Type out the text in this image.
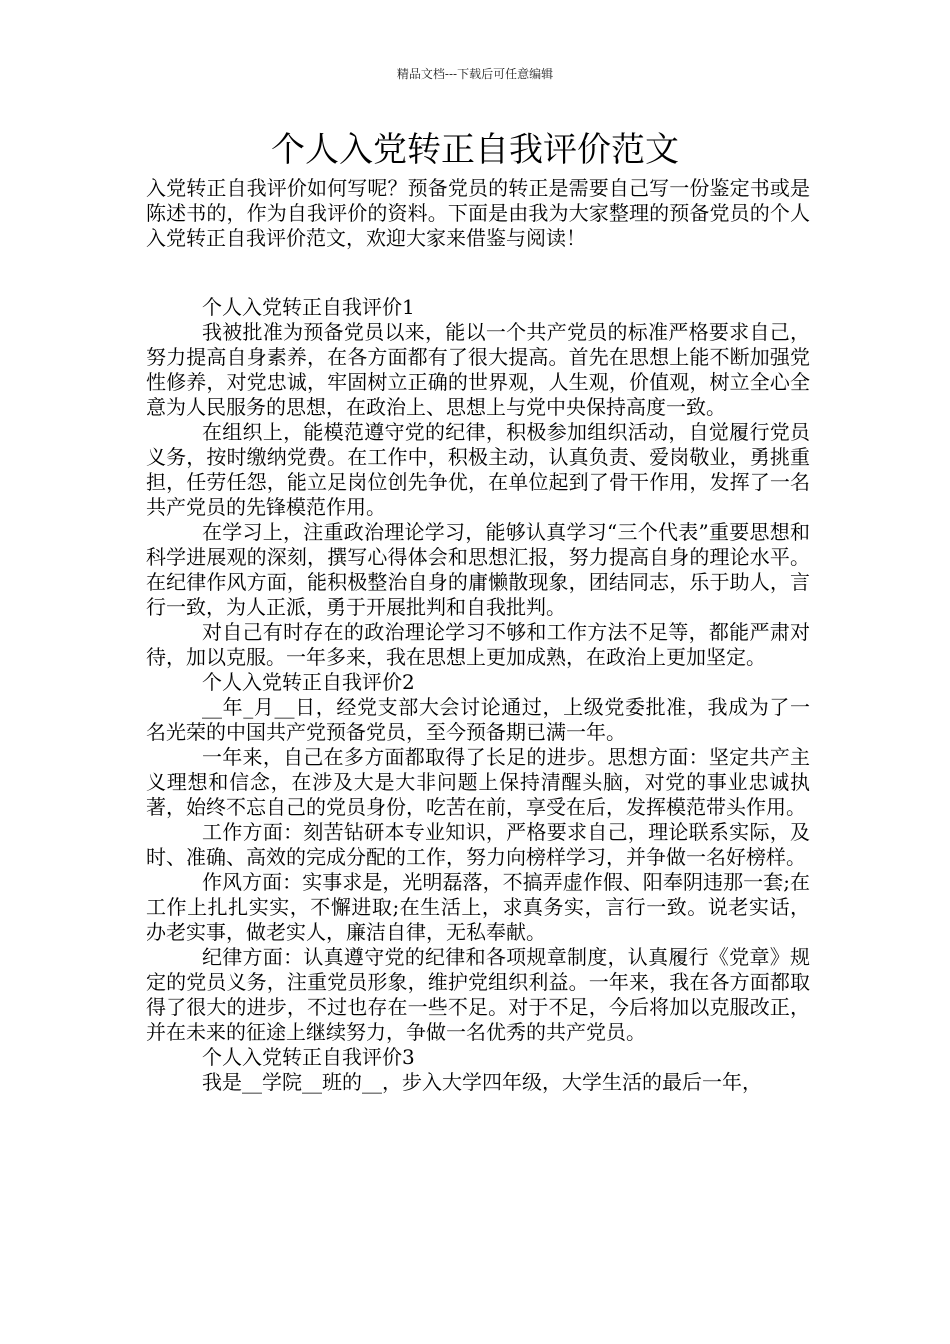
精品文档---下载后可任意编辑
个人入党转正自我评价范文

入党转正自我评价如何写呢？预备党员的转正是需要自己写一份鉴定书或是陈述书的，作为自我评价的资料。下面是由我为大家整理的预备党员的个人入党转正自我评价范文，欢迎大家来借鉴与阅读！

个人入党转正自我评价1

我被批准为预备党员以来，能以一个共产党员的标准严格要求自己，努力提高自身素养，在各方面都有了很大提高。首先在思想上能不断加强党性修养，对党忠诚，牢固树立正确的世界观，人生观，价值观，树立全心全意为人民服务的思想，在政治上、思想上与党中央保持高度一致。

在组织上，能模范遵守党的纪律，积极参加组织活动，自觉履行党员义务，按时缴纳党费。在工作中，积极主动，认真负责、爱岗敬业，勇挑重担，任劳任怨，能立足岗位创先争优，在单位起到了骨干作用，发挥了一名共产党员的先锋模范作用。

在学习上，注重政治理论学习，能够认真学习“三个代表”重要思想和科学进展观的深刻，撰写心得体会和思想汇报，努力提高自身的理论水平。在纪律作风方面，能积极整治自身的庸懒散现象，团结同志，乐于助人，言行一致，为人正派，勇于开展批判和自我批判。

对自己有时存在的政治理论学习不够和工作方法不足等，都能严肃对待，加以克服。一年多来，我在思想上更加成熟，在政治上更加坚定。

个人入党转正自我评价2

__年_月__日，经党支部大会讨论通过，上级党委批准，我成为了一名光荣的中国共产党预备党员，至今预备期已满一年。

一年来，自己在多方面都取得了长足的进步。思想方面：坚定共产主义理想和信念，在涉及大是大非问题上保持清醒头脑，对党的事业忠诚执著，始终不忘自己的党员身份，吃苦在前，享受在后，发挥模范带头作用。

工作方面：刻苦钻研本专业知识，严格要求自己，理论联系实际，及时、准确、高效的完成分配的工作，努力向榜样学习，并争做一名好榜样。

作风方面：实事求是，光明磊落，不搞弄虚作假、阳奉阴违那一套;在工作上扎扎实实，不懈进取;在生活上，求真务实，言行一致。说老实话，办老实事，做老实人，廉洁自律，无私奉献。

纪律方面：认真遵守党的纪律和各项规章制度，认真履行《党章》规定的党员义务，注重党员形象，维护党组织利益。一年来，我在各方面都取得了很大的进步，不过也存在一些不足。对于不足，今后将加以克服改正，并在未来的征途上继续努力，争做一名优秀的共产党员。

个人入党转正自我评价3

我是__学院__班的__，步入大学四年级，大学生活的最后一年，
